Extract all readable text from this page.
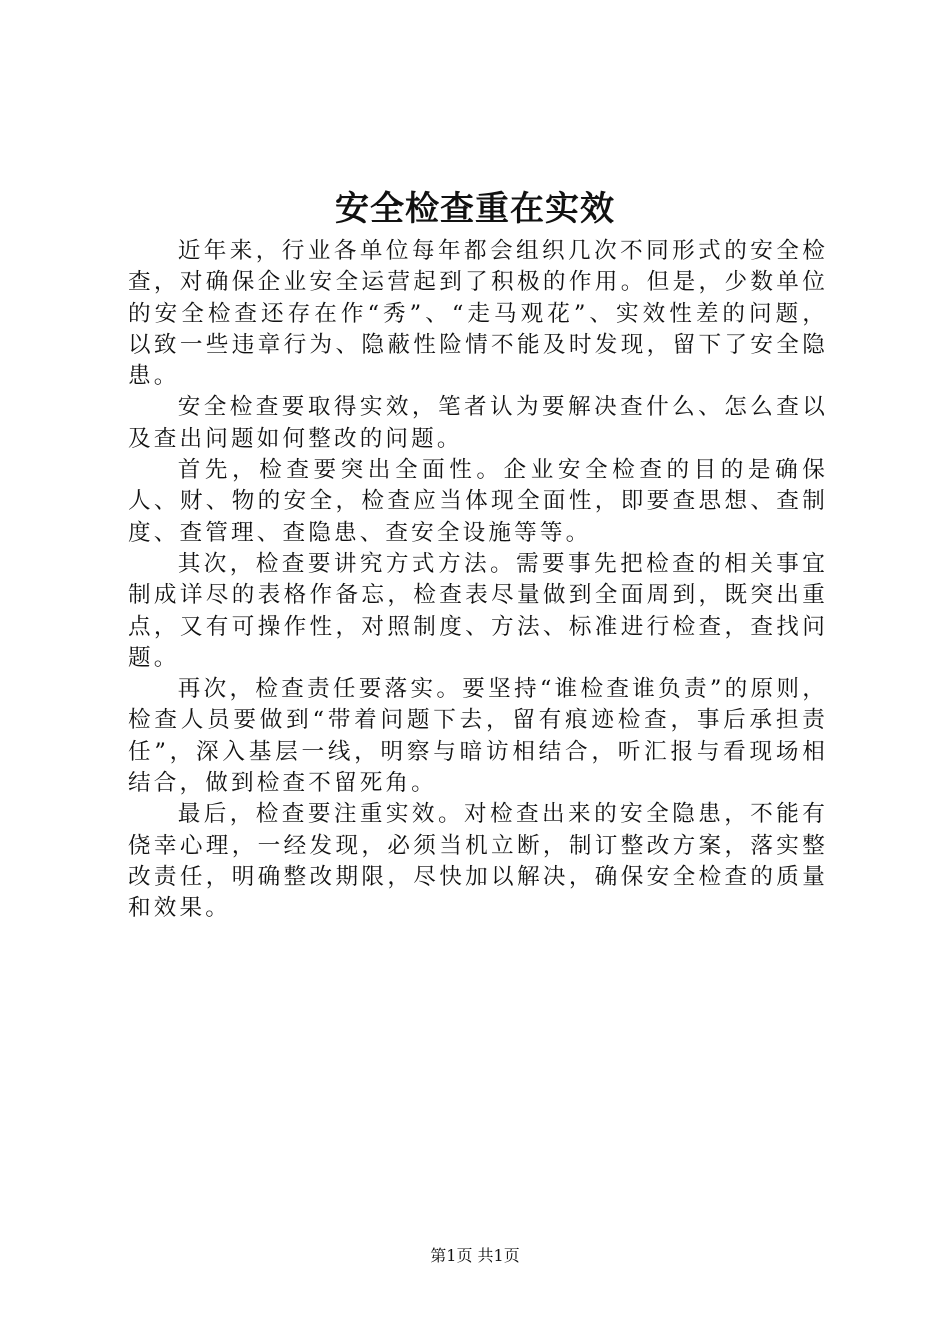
安全检查重在实效

近年来，行业各单位每年都会组织几次不同形式的安全检查，对确保企业安全运营起到了积极的作用。但是，少数单位的安全检查还存在作“秀”、“走马观花”、实效性差的问题，以致一些违章行为、隐蔽性险情不能及时发现，留下了安全隐患。

安全检查要取得实效，笔者认为要解决查什么、怎么查以及查出问题如何整改的问题。

首先，检查要突出全面性。企业安全检查的目的是确保人、财、物的安全，检查应当体现全面性，即要查思想、查制度、查管理、查隐患、查安全设施等等。

其次，检查要讲究方式方法。需要事先把检查的相关事宜制成详尽的表格作备忘，检查表尽量做到全面周到，既突出重点，又有可操作性，对照制度、方法、标准进行检查，查找问题。

再次，检查责任要落实。要坚持“谁检查谁负责”的原则，检查人员要做到“带着问题下去，留有痕迹检查，事后承担责任”，深入基层一线，明察与暗访相结合，听汇报与看现场相结合，做到检查不留死角。

最后，检查要注重实效。对检查出来的安全隐患，不能有侥幸心理，一经发现，必须当机立断，制订整改方案，落实整改责任，明确整改期限，尽快加以解决，确保安全检查的质量和效果。

第1页 共1页
